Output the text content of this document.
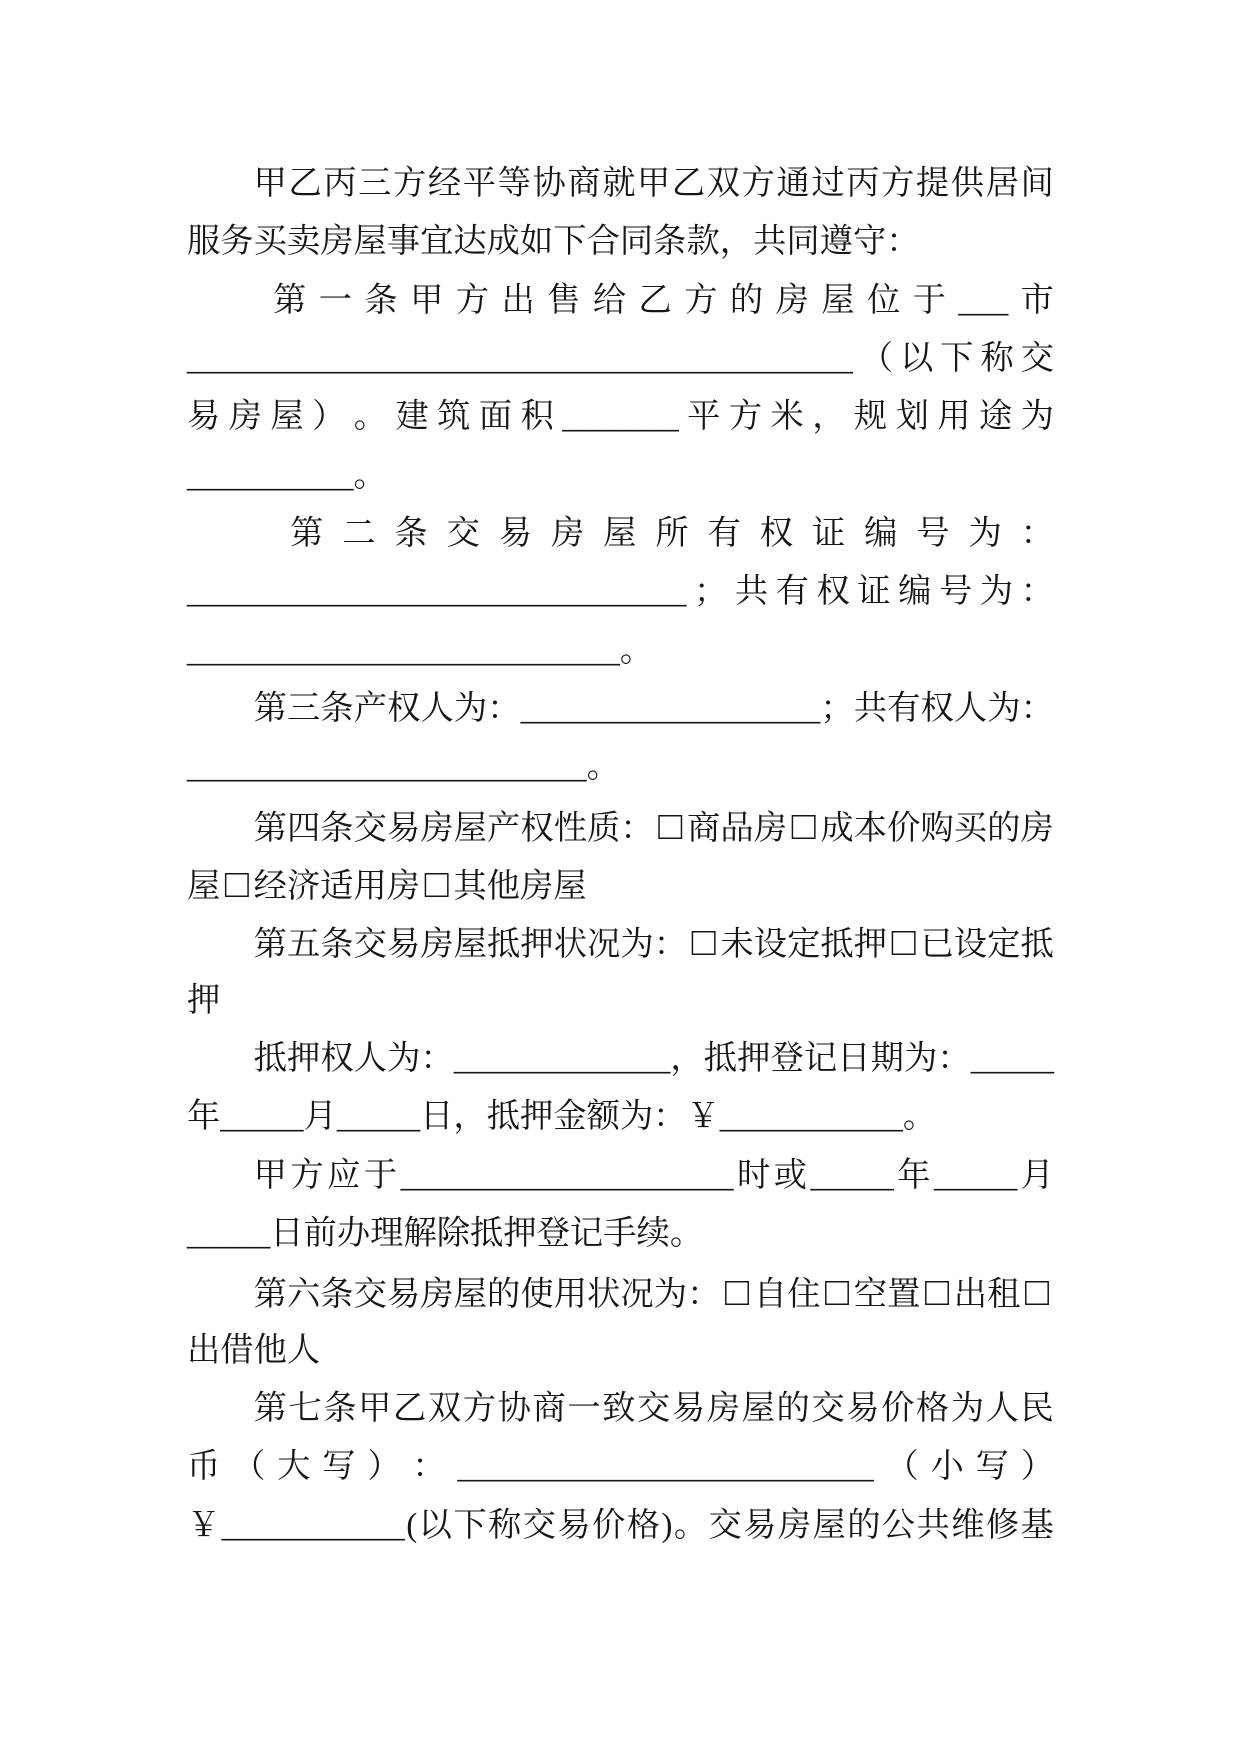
甲 乙 丙 三 方 经 平 等 协 商 就 甲 乙 双 方 通 过 丙 方 提 供 居 间
服 务 买 卖 房 屋 事 宜 达 成 如 下 合 同 条 款 ， 共 同 遵 守 ：
第 一 条 甲 方 出 售 给 乙 方 的 房 屋 位 于 ___ 市
________________________________________ （ 以 下 称 交
易 房 屋 ） 。 建 筑 面 积 _______ 平 方 米 ， 规 划 用 途 为
__________ 。
第 二 条 交 易 房 屋 所 有 权 证 编 号 为 ：
______________________________ ； 共 有 权 证 编 号 为 ：
__________________________ 。
第 三 条 产 权 人 为 ： __________________ ； 共 有 权 人 为 ：
________________________ 。
第 四 条 交 易 房 屋 产 权 性 质 ： □ 商 品 房 □ 成 本 价 购 买 的 房
屋 □ 经 济 适 用 房 □ 其 他 房 屋
第 五 条 交 易 房 屋 抵 押 状 况 为 ： □ 未 设 定 抵 押 □ 已 设 定 抵
押
抵 押 权 人 为 ： _____________ ， 抵 押 登 记 日 期 为 ： _____
年 _____ 月 _____ 日 ， 抵 押 金 额 为 ： ￥ ___________ 。
甲 方 应 于 ____________________ 时 或 _____ 年 _____ 月
_____ 日 前 办 理 解 除 抵 押 登 记 手 续 。
第 六 条 交 易 房 屋 的 使 用 状 况 为 ： □ 自 住 □ 空 置 □ 出 租 □
出 借 他 人
第 七 条 甲 乙 双 方 协 商 一 致 交 易 房 屋 的 交 易 价 格 为 人 民
币 （ 大 写 ） ： _________________________ （ 小 写 ）
￥ ___________ ( 以 下 称 交 易 价 格 ) 。 交 易 房 屋 的 公 共 维 修 基
